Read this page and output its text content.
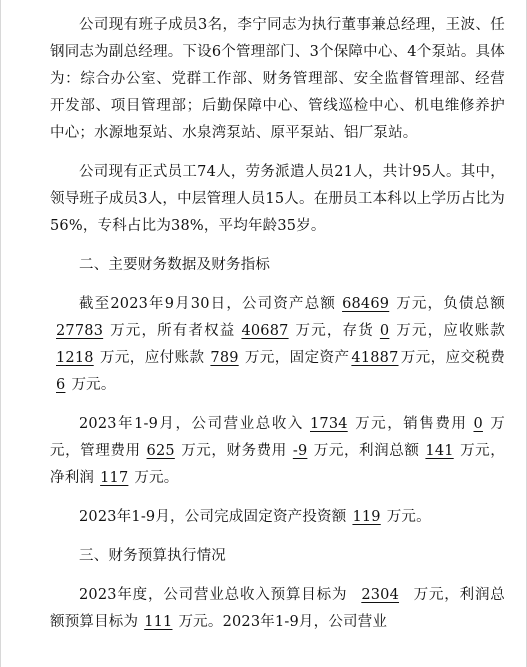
公司现有班子成员3名，李宁同志为执行董事兼总经理，王波、任钢同志为副总经理。下设6个管理部门、3个保障中心、4个泵站。具体为：综合办公室、党群工作部、财务管理部、安全监督管理部、经营开发部、项目管理部；后勤保障中心、管线巡检中心、机电维修养护中心；水源地泵站、水泉湾泵站、原平泵站、铝厂泵站。

公司现有正式员工74人，劳务派遣人员21人，共计95人。其中，领导班子成员3人，中层管理人员15人。在册员工本科以上学历占比为56%，专科占比为38%，平均年龄35岁。

二、主要财务数据及财务指标

截至2023年9月30日，公司资产总额 68469 万元，负债总额27783 万元，所有者权益 40687 万元，存货 0 万元，应收账款1218 万元，应付账款 789 万元，固定资产 41887 万元，应交税费6 万元。

2023年1-9月，公司营业总收入 1734 万元，销售费用 0 万元，管理费用 625 万元，财务费用 -9 万元，利润总额 141 万元，净利润 117 万元。

2023年1-9月，公司完成固定资产投资额 119 万元。

三、财务预算执行情况

2023年度，公司营业总收入预算目标为 2304 万元，利润总额预算目标为 111 万元。2023年1-9月，公司营业
